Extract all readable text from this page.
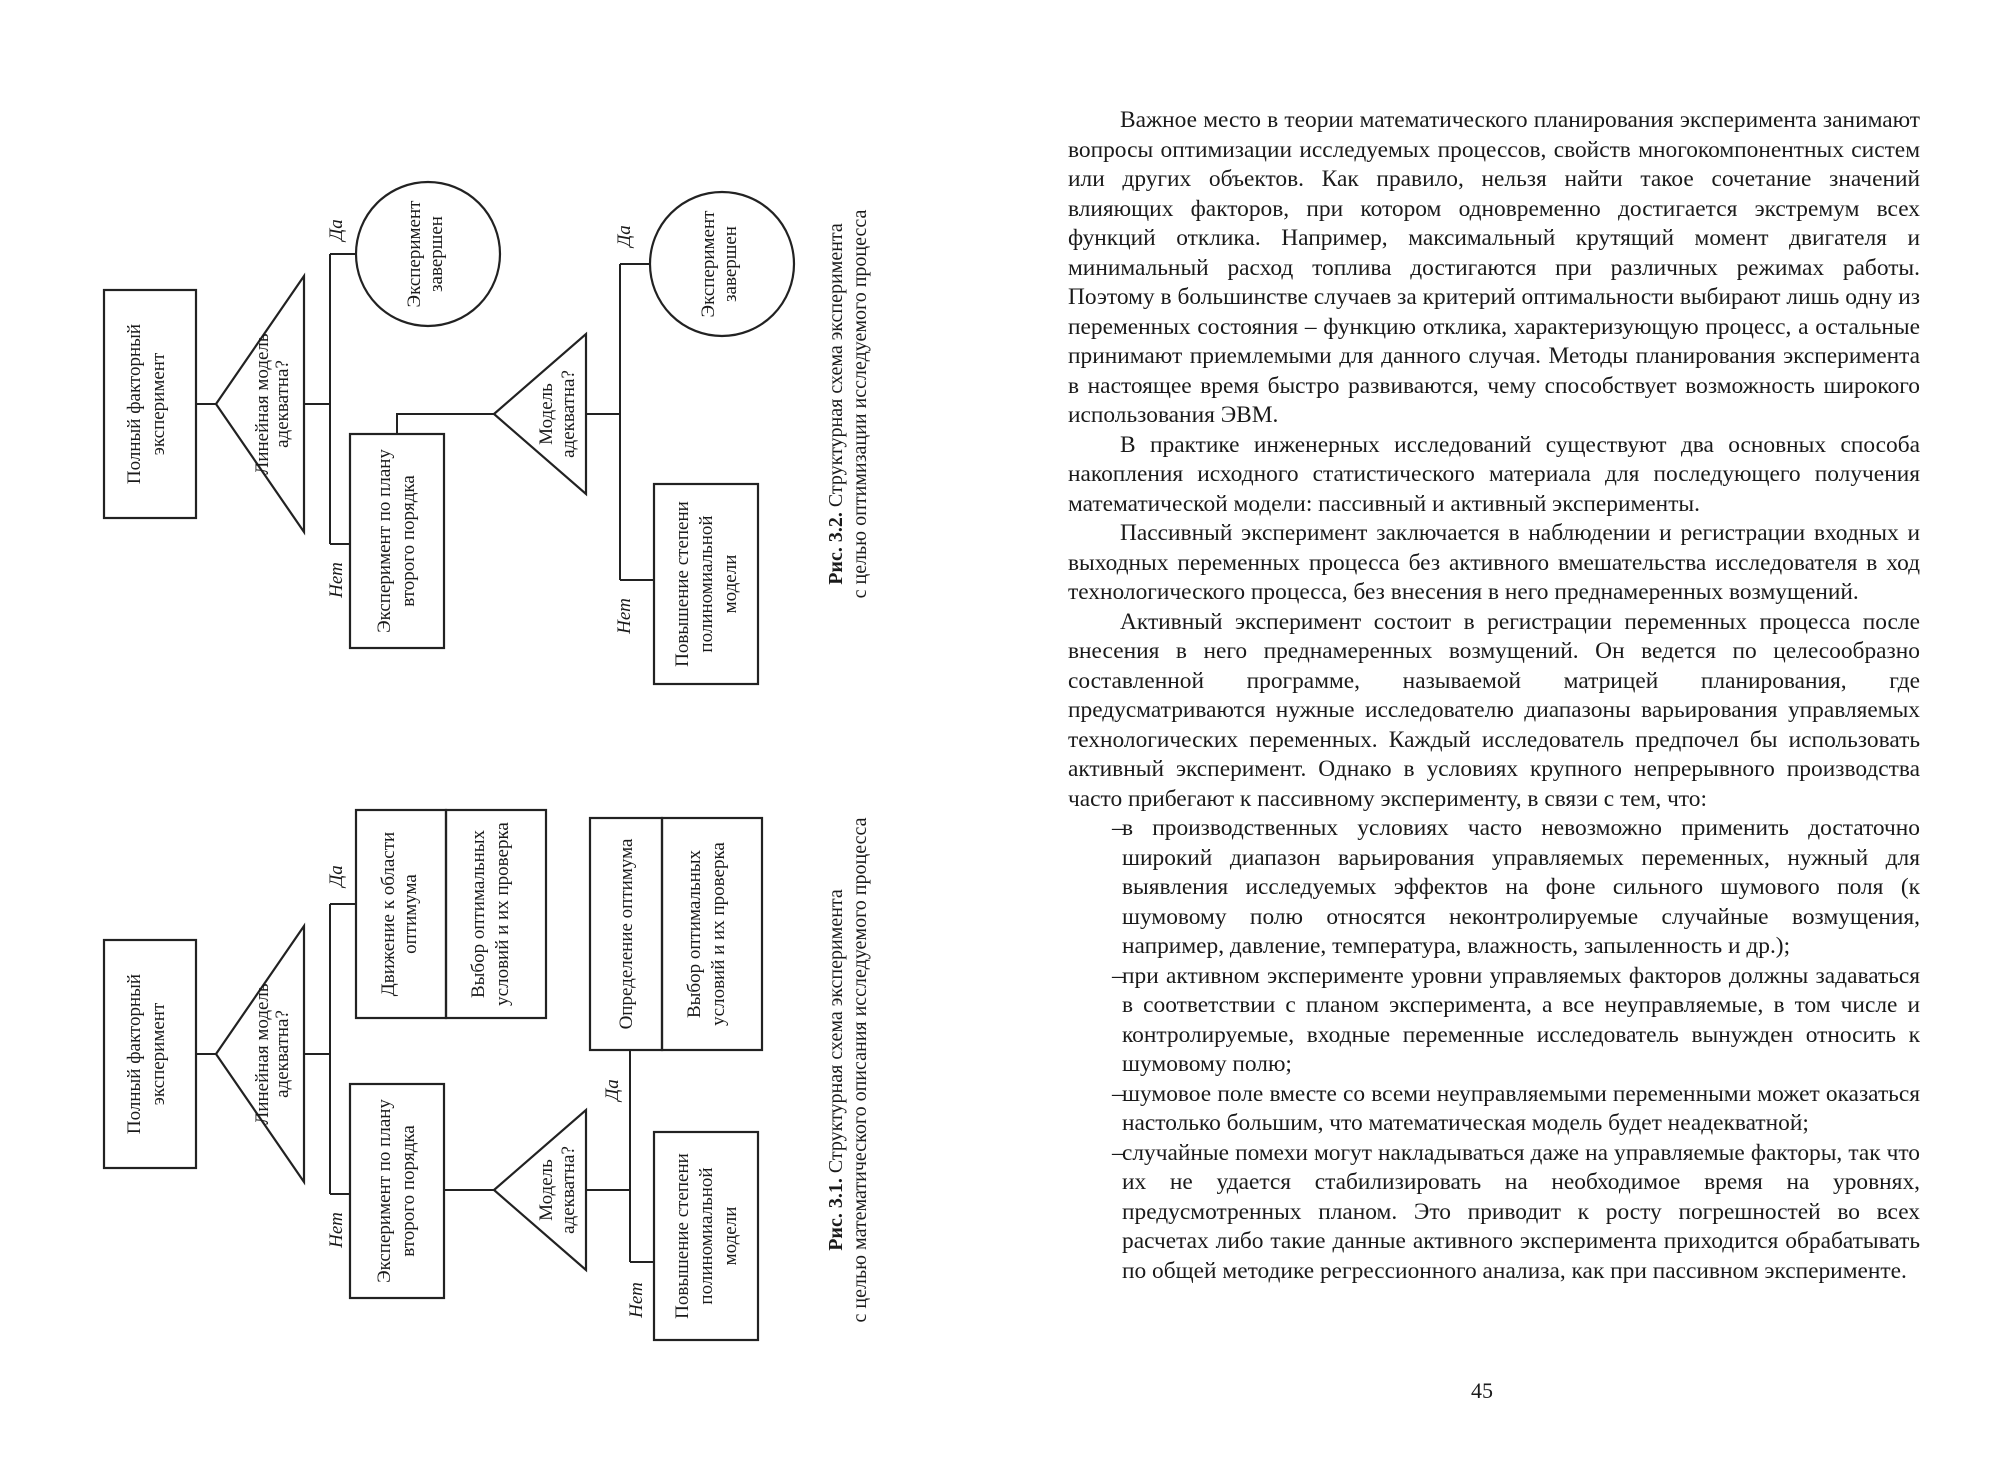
Полный факторный эксперимент	Линейная модель адекватна?
Да
Нет
Эксперимент завершен
Эксперимент по плану второго порядка
Модель адекватна?
Да
Нет
Эксперимент завершен
Повышение степени полиномиальной модели	Рис. 3.2. Структурная схема эксперимента с целью оптимизации исследуемого процесса
Полный факторный эксперимент	Линейная модель адекватна?
Да
Нет
Движение к области оптимума Выбор оптимальных условий и их проверка
Эксперимент по плану второго порядка	Модель адекватна?
Да
Нет
Определение оптимума Выбор оптимальных условий и их проверка
Повышение степени полиномиальной модели	Рис. 3.1. Структурная схема эксперимента с целью математического описания исследуемого процесса

Важное место в теории математического планирования эксперимента занимают вопросы оптимизации исследуемых процессов, свойств многокомпонентных систем или других объектов. Как правило, нельзя найти такое сочетание значений влияющих факторов, при котором одновременно достигается экстремум всех функций отклика. Например, максимальный крутящий момент двигателя и минимальный расход топлива достигаются при различных режимах работы. Поэтому в большинстве случаев за критерий оптимальности выбирают лишь одну из переменных состояния – функцию отклика, характеризующую процесс, а остальные принимают приемлемыми для данного случая. Методы планирования эксперимента в настоящее время быстро развиваются, чему способствует возможность широкого использования ЭВМ.

В практике инженерных исследований существуют два основных способа накопления исходного статистического материала для последующего получения математической модели: пассивный и активный эксперименты.

Пассивный эксперимент заключается в наблюдении и регистрации входных и выходных переменных процесса без активного вмешательства исследователя в ход технологического процесса, без внесения в него преднамеренных возмущений.

Активный эксперимент состоит в регистрации переменных процесса после внесения в него преднамеренных возмущений. Он ведется по целесообразно составленной программе, называемой матрицей планирования, где предусматриваются нужные исследователю диапазоны варьирования управляемых технологических переменных. Каждый исследователь предпочел бы использовать активный эксперимент. Однако в условиях крупного непрерывного производства часто прибегают к пассивному эксперименту, в связи с тем, что:

–
в производственных условиях часто невозможно применить достаточно широкий диапазон варьирования управляемых переменных, нужный для выявления исследуемых эффектов на фоне сильного шумового поля (к шумовому полю относятся неконтролируемые случайные возмущения, например, давление, температура, влажность, запыленность и др.);
–
при активном эксперименте уровни управляемых факторов должны задаваться в соответствии с планом эксперимента, а все неуправляемые, в том числе и контролируемые, входные переменные исследователь вынужден относить к шумовому полю;
–
шумовое поле вместе со всеми неуправляемыми переменными может оказаться настолько большим, что математическая модель будет неадекватной;
–
случайные помехи могут накладываться даже на управляемые факторы, так что их не удается стабилизировать на необходимое время на уровнях, предусмотренных планом. Это приводит к росту погрешностей во всех расчетах либо такие данные активного эксперимента приходится обрабатывать по общей методике регрессионного анализа, как при пассивном эксперименте.
45
